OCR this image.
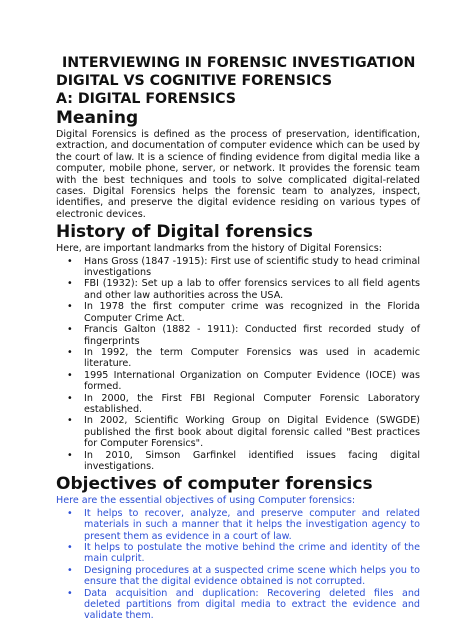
INTERVIEWING IN FORENSIC INVESTIGATION
DIGITAL VS COGNITIVE FORENSICS
A: DIGITAL FORENSICS
Meaning

Digital Forensics is defined as the process of preservation, identification, extraction, and documentation of computer evidence which can be used by the court of law. It is a science of finding evidence from digital media like a computer, mobile phone, server, or network. It provides the forensic team with the best techniques and tools to solve complicated digital-related cases. Digital Forensics helps the forensic team to analyzes, inspect, identifies, and preserve the digital evidence residing on various types of electronic devices.

History of Digital forensics

Here, are important landmarks from the history of Digital Forensics:

• Hans Gross (1847 -1915): First use of scientific study to head criminal investigations
• FBI (1932): Set up a lab to offer forensics services to all field agents and other law authorities across the USA.
• In 1978 the first computer crime was recognized in the Florida Computer Crime Act.
• Francis Galton (1882 - 1911): Conducted first recorded study of fingerprints
• In 1992, the term Computer Forensics was used in academic literature.
• 1995 International Organization on Computer Evidence (IOCE) was formed.
• In 2000, the First FBI Regional Computer Forensic Laboratory established.
• In 2002, Scientific Working Group on Digital Evidence (SWGDE) published the first book about digital forensic called "Best practices for Computer Forensics".
• In 2010, Simson Garfinkel identified issues facing digital investigations.
Objectives of computer forensics

Here are the essential objectives of using Computer forensics:

• It helps to recover, analyze, and preserve computer and related materials in such a manner that it helps the investigation agency to present them as evidence in a court of law.
• It helps to postulate the motive behind the crime and identity of the main culprit.
• Designing procedures at a suspected crime scene which helps you to ensure that the digital evidence obtained is not corrupted.
• Data acquisition and duplication: Recovering deleted files and deleted partitions from digital media to extract the evidence and validate them.
